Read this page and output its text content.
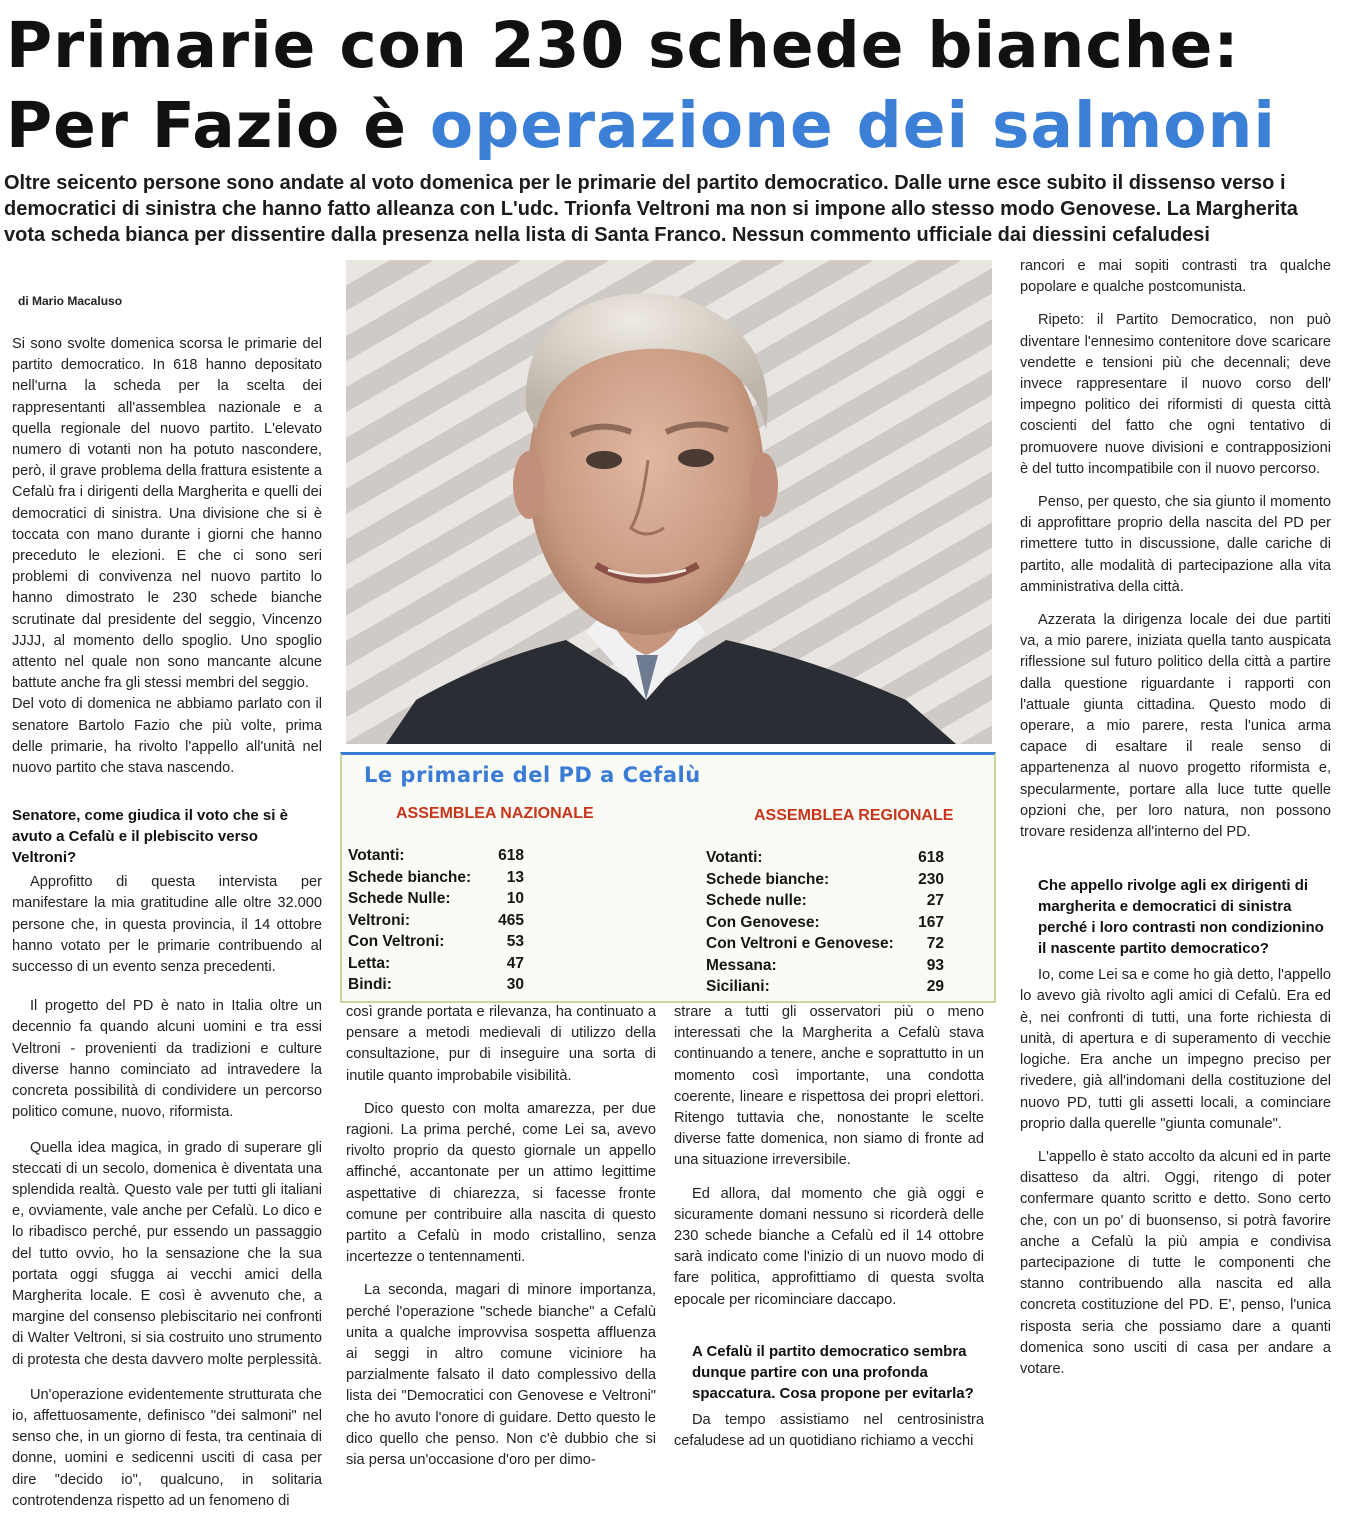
Primarie con 230 schede bianche:
Per Fazio è operazione dei salmoni

Oltre seicento persone sono andate al voto domenica per le primarie del partito democratico. Dalle urne esce subito il dissenso verso i democratici di sinistra che hanno fatto alleanza con L'udc. Trionfa Veltroni ma non si impone allo stesso modo Genovese. La Margherita vota scheda bianca per dissentire dalla presenza nella lista di Santa Franco. Nessun commento ufficiale dai diessini cefaludesi

di Mario Macaluso

Si sono svolte domenica scorsa le primarie del partito democratico. In 618 hanno depositato nell'urna la scheda per la scelta dei rappresentanti all'assemblea nazionale e a quella regionale del nuovo partito. L'elevato numero di votanti non ha potuto nascondere, però, il grave problema della frattura esistente a Cefalù fra i dirigenti della Margherita e quelli dei democratici di sinistra. Una divisione che si è toccata con mano durante i giorni che hanno preceduto le elezioni. E che ci sono seri problemi di convivenza nel nuovo partito lo hanno dimostrato le 230 schede bianche scrutinate dal presidente del seggio, Vincenzo JJJJ, al momento dello spoglio. Uno spoglio attento nel quale non sono mancante alcune battute anche fra gli stessi membri del seggio.

Del voto di domenica ne abbiamo parlato con il senatore Bartolo Fazio che più volte, prima delle primarie, ha rivolto l'appello all'unità nel nuovo partito che stava nascendo.

Senatore, come giudica il voto che si è avuto a Cefalù e il plebiscito verso Veltroni?

Approfitto di questa intervista per manifestare la mia gratitudine alle oltre 32.000 persone che, in questa provincia, il 14 ottobre hanno votato per le primarie contribuendo al successo di un evento senza precedenti.

Il progetto del PD è nato in Italia oltre un decennio fa quando alcuni uomini e tra essi Veltroni - provenienti da tradizioni e culture diverse hanno cominciato ad intravedere la concreta possibilità di condividere un percorso politico comune, nuovo, riformista.

Quella idea magica, in grado di superare gli steccati di un secolo, domenica è diventata una splendida realtà. Questo vale per tutti gli italiani e, ovviamente, vale anche per Cefalù. Lo dico e lo ribadisco perché, pur essendo un passaggio del tutto ovvio, ho la sensazione che la sua portata oggi sfugga ai vecchi amici della Margherita locale. E così è avvenuto che, a margine del consenso plebiscitario nei confronti di Walter Veltroni, si sia costruito uno strumento di protesta che desta davvero molte perplessità.

Un'operazione evidentemente strutturata che io, affettuosamente, definisco "dei salmoni" nel senso che, in un giorno di festa, tra centinaia di donne, uomini e sedicenni usciti di casa per dire "decido io", qualcuno, in solitaria controtendenza rispetto ad un fenomeno di

Le primarie del PD a Cefalù
ASSEMBLEA NAZIONALE	ASSEMBLEA REGIONALE
Votanti:	618
Schede bianche: 13
Schede Nulle:	10
Veltroni:	465
Con Veltroni:	53
Letta:	47
Bindi:	30
Votanti:	618
Schede bianche:	230
Schede nulle:	27
Con Genovese:	167
Con Veltroni e Genovese: 72
Messana:	93
Siciliani:	29

così grande portata e rilevanza, ha continuato a pensare a metodi medievali di utilizzo della consultazione, pur di inseguire una sorta di inutile quanto improbabile visibilità.

Dico questo con molta amarezza, per due ragioni. La prima perché, come Lei sa, avevo rivolto proprio da questo giornale un appello affinché, accantonate per un attimo legittime aspettative di chiarezza, si facesse fronte comune per contribuire alla nascita di questo partito a Cefalù in modo cristallino, senza incertezze o tentennamenti.

La seconda, magari di minore importanza, perché l'operazione "schede bianche" a Cefalù unita a qualche improvvisa sospetta affluenza ai seggi in altro comune viciniore ha parzialmente falsato il dato complessivo della lista dei "Democratici con Genovese e Veltroni" che ho avuto l'onore di guidare. Detto questo le dico quello che penso. Non c'è dubbio che si sia persa un'occasione d'oro per dimo-

strare a tutti gli osservatori più o meno interessati che la Margherita a Cefalù stava continuando a tenere, anche e soprattutto in un momento così importante, una condotta coerente, lineare e rispettosa dei propri elettori. Ritengo tuttavia che, nonostante le scelte diverse fatte domenica, non siamo di fronte ad una situazione irreversibile.

Ed allora, dal momento che già oggi e sicuramente domani nessuno si ricorderà delle 230 schede bianche a Cefalù ed il 14 ottobre sarà indicato come l'inizio di un nuovo modo di fare politica, approfittiamo di questa svolta epocale per ricominciare daccapo.

A Cefalù il partito democratico sembra dunque partire con una profonda spaccatura. Cosa propone per evitarla?

Da tempo assistiamo nel centrosinistra cefaludese ad un quotidiano richiamo a vecchi

rancori e mai sopiti contrasti tra qualche popolare e qualche postcomunista.

Ripeto: il Partito Democratico, non può diventare l'ennesimo contenitore dove scaricare vendette e tensioni più che decennali; deve invece rappresentare il nuovo corso dell' impegno politico dei riformisti di questa città coscienti del fatto che ogni tentativo di promuovere nuove divisioni e contrapposizioni è del tutto incompatibile con il nuovo percorso.

Penso, per questo, che sia giunto il momento di approfittare proprio della nascita del PD per rimettere tutto in discussione, dalle cariche di partito, alle modalità di partecipazione alla vita amministrativa della città.

Azzerata la dirigenza locale dei due partiti va, a mio parere, iniziata quella tanto auspicata riflessione sul futuro politico della città a partire dalla questione riguardante i rapporti con l'attuale giunta cittadina. Questo modo di operare, a mio parere, resta l'unica arma capace di esaltare il reale senso di appartenenza al nuovo progetto riformista e, specularmente, portare alla luce tutte quelle opzioni che, per loro natura, non possono trovare residenza all'interno del PD.

Che appello rivolge agli ex dirigenti di margherita e democratici di sinistra perché i loro contrasti non condizionino il nascente partito democratico?

Io, come Lei sa e come ho già detto, l'appello lo avevo già rivolto agli amici di Cefalù. Era ed è, nei confronti di tutti, una forte richiesta di unità, di apertura e di superamento di vecchie logiche. Era anche un impegno preciso per rivedere, già all'indomani della costituzione del nuovo PD, tutti gli assetti locali, a cominciare proprio dalla querelle "giunta comunale".

L'appello è stato accolto da alcuni ed in parte disatteso da altri. Oggi, ritengo di poter confermare quanto scritto e detto. Sono certo che, con un po' di buonsenso, si potrà favorire anche a Cefalù la più ampia e condivisa partecipazione di tutte le componenti che stanno contribuendo alla nascita ed alla concreta costituzione del PD. E', penso, l'unica risposta seria che possiamo dare a quanti domenica sono usciti di casa per andare a votare.
